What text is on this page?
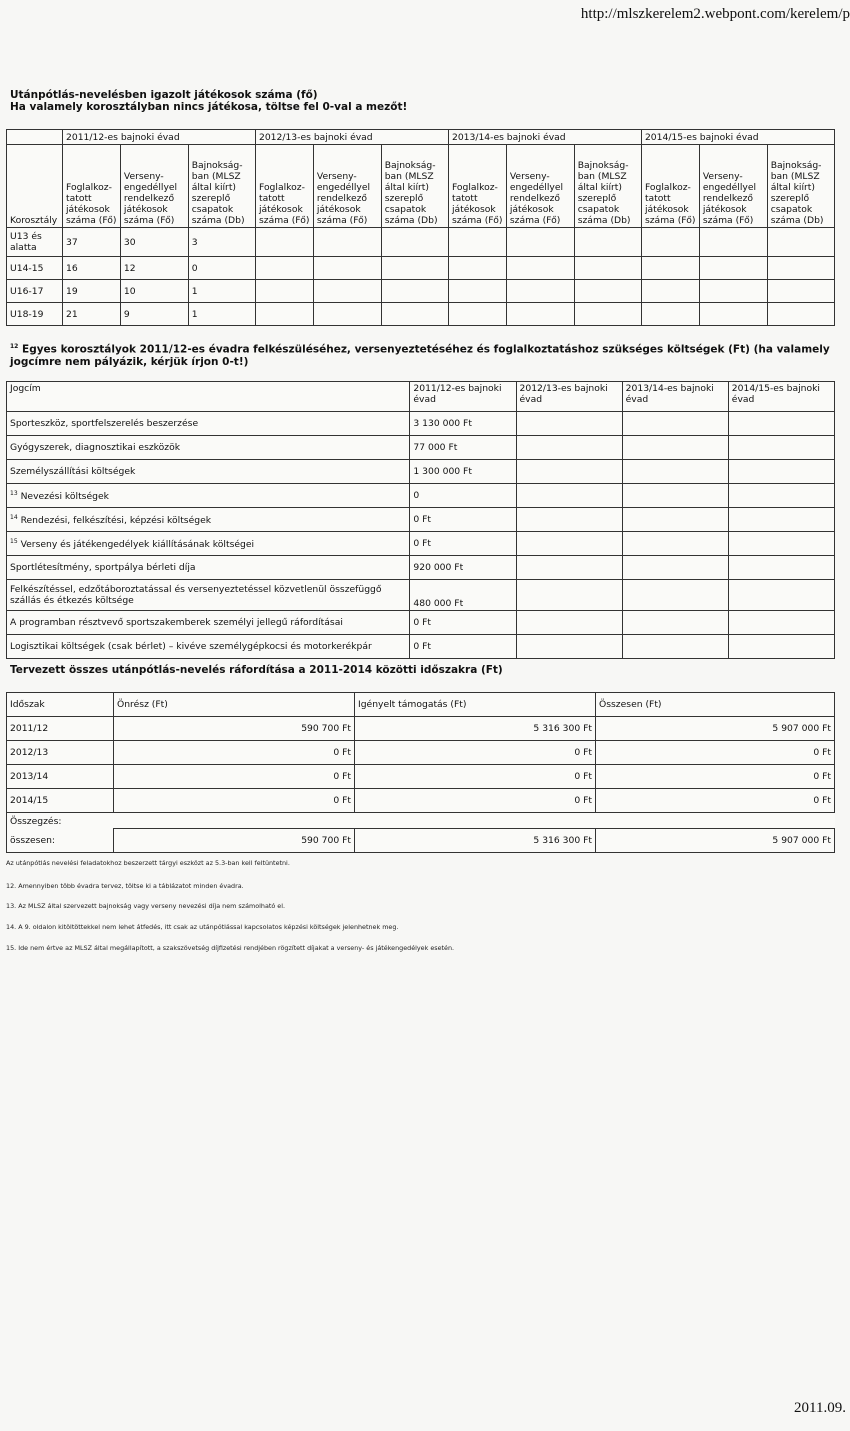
http://mlszkerelem2.webpont.com/kerelem/p
Utánpótlás-nevelésben igazolt játékosok száma (fő)
Ha valamely korosztályban nincs játékosa, töltse fel 0-val a mezőt!
	2011/12-es bajnoki évad			2012/13-es bajnoki évad			2013/14-es bajnoki évad			2014/15-es bajnoki évad		
Korosztály	Foglalkoz-tatott játékosok száma (Fő)	Verseny-engedéllyel rendelkező játékosok száma (Fő)	Bajnokság-ban (MLSZ által kiírt) szereplő csapatok száma (Db)	Foglalkoz-tatott játékosok száma (Fő)	Verseny-engedéllyel rendelkező játékosok száma (Fő)	Bajnokság-ban (MLSZ által kiírt) szereplő csapatok száma (Db)	Foglalkoz-tatott játékosok száma (Fő)	Verseny-engedéllyel rendelkező játékosok száma (Fő)	Bajnokság-ban (MLSZ által kiírt) szereplő csapatok száma (Db)	Foglalkoz-tatott játékosok száma (Fő)	Verseny-engedéllyel rendelkező játékosok száma (Fő)	Bajnokság-ban (MLSZ által kiírt) szereplő csapatok száma (Db)
U13 és alatta	37	30	3									
U14-15	16	12	0									
U16-17	19	10	1									
U18-19	21	9	1									
$^{12}$ Egyes korosztályok 2011/12-es évadra felkészüléséhez, versenyeztetéséhez és foglalkoztatáshoz szükséges költségek (Ft) (ha valamely jogcímre nem pályázik, kérjük írjon 0-t!)
Jogcím	2011/12-es bajnoki évad	2012/13-es bajnoki évad	2013/14-es bajnoki évad	2014/15-es bajnoki évad
Sporteszköz, sportfelszerelés beszerzése	3 130 000 Ft			
Gyógyszerek, diagnosztikai eszközök	77 000 Ft			
Személyszállítási költségek	1 300 000 Ft			
$^{13}$ Nevezési költségek	0			
$^{14}$ Rendezési, felkészítési, képzési költségek	0 Ft			
$^{15}$ Verseny és játékengedélyek kiállításának költségei	0 Ft			
Sportlétesítmény, sportpálya bérleti díja	920 000 Ft			
Felkészítéssel, edzőtáboroztatással és versenyeztetéssel közvetlenül összefüggő szállás és étkezés költsége	480 000 Ft			
A programban résztvevő sportszakemberek személyi jellegű ráfordításai	0 Ft			
Logisztikai költségek (csak bérlet) – kivéve személygépkocsi és motorkerékpár	0 Ft			
Tervezett összes utánpótlás-nevelés ráfordítása a 2011-2014 közötti időszakra (Ft)
Időszak	Önrész (Ft)	Igényelt támogatás (Ft)	Összesen (Ft)
2011/12	590 700 Ft	5 316 300 Ft	5 907 000 Ft
2012/13	0 Ft	0 Ft	0 Ft
2013/14	0 Ft	0 Ft	0 Ft
2014/15	0 Ft	0 Ft	0 Ft
Összegzés:			
összesen:	590 700 Ft	5 316 300 Ft	5 907 000 Ft
Az utánpótlás nevelési feladatokhoz beszerzett tárgyi eszközt az 5.3-ban kell feltüntetni.
12. Amennyiben több évadra tervez, töltse ki a táblázatot minden évadra.
13. Az MLSZ által szervezett bajnokság vagy verseny nevezési díja nem számolható el.
14. A 9. oldalon kitöltöttekkel nem lehet átfedés, itt csak az utánpótlással kapcsolatos képzési költségek jelenhetnek meg.
15. Ide nem értve az MLSZ által megállapított, a szakszövetség díjfizetési rendjében rögzített díjakat a verseny- és játékengedélyek esetén.
2011.09.
